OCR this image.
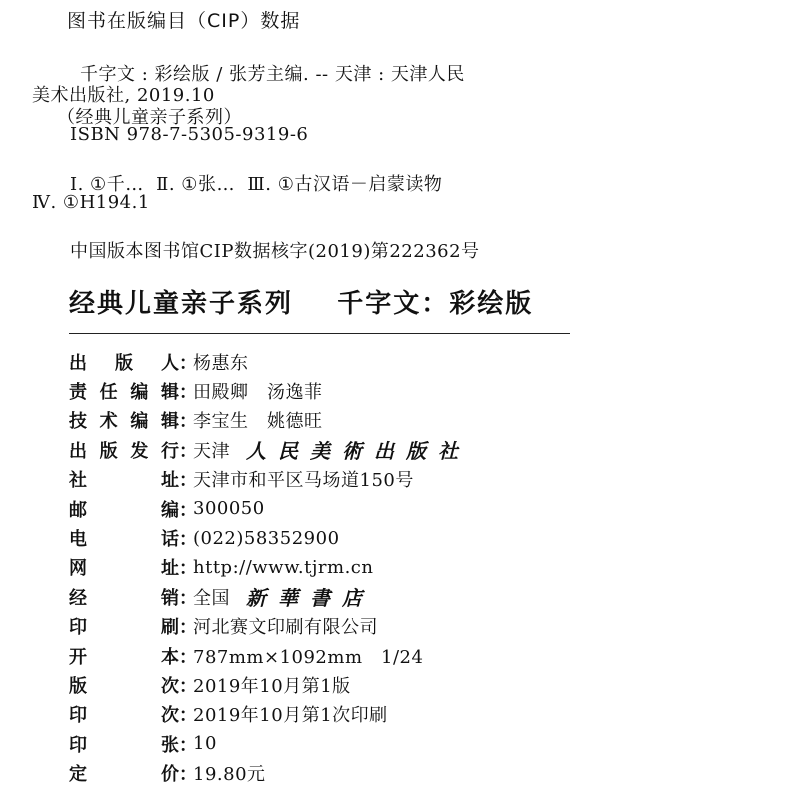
图书在版编目（CIP）数据
千字文 : 彩绘版 / 张芳主编. -- 天津 : 天津人民
美术出版社, 2019.10
（经典儿童亲子系列）
ISBN 978-7-5305-9319-6
Ⅰ. ①千…  Ⅱ. ①张…  Ⅲ. ①古汉语－启蒙读物
Ⅳ. ①H194.1
中国版本图书馆CIP数据核字(2019)第222362号
经典儿童亲子系列    千字文：彩绘版
出 版 人 ：
杨惠东
责 任 编 辑 ：
田殿卿　汤逸菲
技 术 编 辑 ：
李宝生　姚德旺
出 版 发 行 ：
天津 人民美術出版社
社	址 ：
天津市和平区马场道150号
邮	编 ：
300050
电	话 ：
(022)58352900
网	址 ：
http://www.tjrm.cn
经	销 ：
全国 新華書店
印	刷 ：
河北赛文印刷有限公司
开	本 ：
787mm×1092mm　1/24
版	次 ：
2019年10月第1版
印	次 ：
2019年10月第1次印刷
印	张 ：
10
定	价 ：
19.80元
